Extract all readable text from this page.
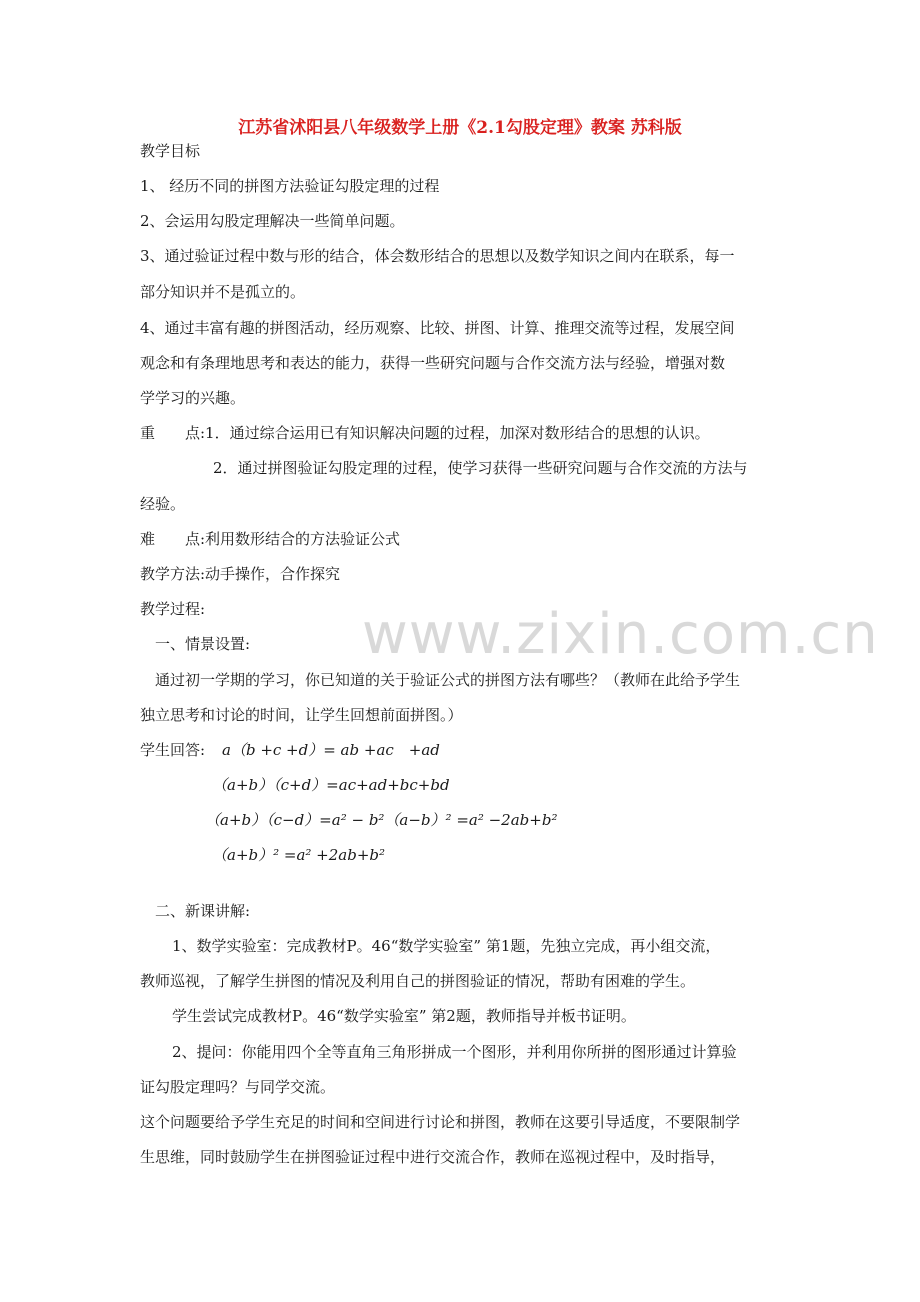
江苏省沭阳县八年级数学上册《2.1勾股定理》教案 苏科版
www.zixin.com.cn
教学目标
1、 经历不同的拼图方法验证勾股定理的过程
2、会运用勾股定理解决一些简单问题。
3、通过验证过程中数与形的结合，体会数形结合的思想以及数学知识之间内在联系，每一
部分知识并不是孤立的。
4、通过丰富有趣的拼图活动，经历观察、比较、拼图、计算、推理交流等过程，发展空间
观念和有条理地思考和表达的能力，获得一些研究问题与合作交流方法与经验，增强对数
学学习的兴趣。
重　　点:1．通过综合运用已有知识解决问题的过程，加深对数形结合的思想的认识。
2．通过拼图验证勾股定理的过程，使学习获得一些研究问题与合作交流的方法与
经验。
难　　点:利用数形结合的方法验证公式
教学方法:动手操作，合作探究
教学过程:
一、情景设置:
通过初一学期的学习，你已知道的关于验证公式的拼图方法有哪些？（教师在此给予学生
独立思考和讨论的时间，让学生回想前面拼图。）
学生回答: a（b +c +d）= ab +ac　+ad
（a+b）（c+d）=ac+ad+bc+bd
（a+b）（c−d）=a² − b²（a−b）² =a² −2ab+b²
（a+b）² =a² +2ab+b²
二、新课讲解:
1、数学实验室：完成教材P。46“数学实验室” 第1题，先独立完成，再小组交流，
教师巡视，了解学生拼图的情况及利用自己的拼图验证的情况，帮助有困难的学生。
学生尝试完成教材P。46“数学实验室” 第2题，教师指导并板书证明。
2、提问：你能用四个全等直角三角形拼成一个图形，并利用你所拼的图形通过计算验
证勾股定理吗？与同学交流。
这个问题要给予学生充足的时间和空间进行讨论和拼图，教师在这要引导适度，不要限制学
生思维，同时鼓励学生在拼图验证过程中进行交流合作，教师在巡视过程中，及时指导，
